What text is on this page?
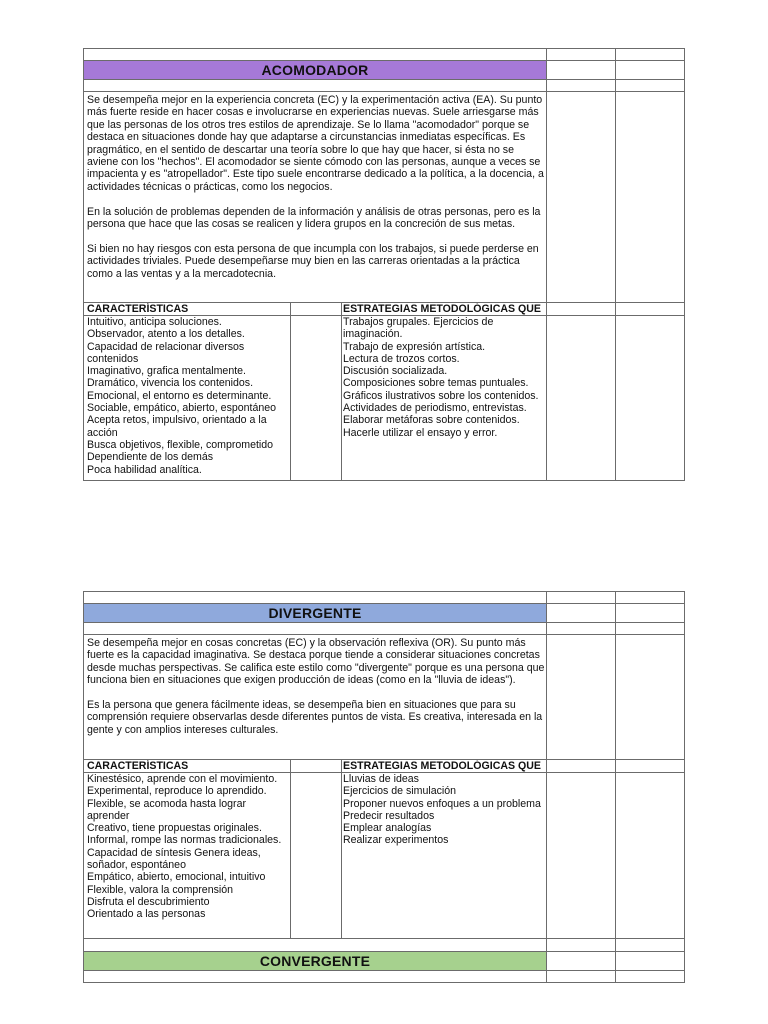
ACOMODADOR

Se desempeña mejor en la experiencia concreta (EC) y la experimentación activa (EA). Su punto más fuerte reside en hacer cosas e involucrarse en experiencias nuevas. Suele arriesgarse más que las personas de los otros tres estilos de aprendizaje. Se lo llama "acomodador" porque se destaca en situaciones donde hay que adaptarse a circunstancias inmediatas específicas. Es pragmático, en el sentido de descartar una teoría sobre lo que hay que hacer, si ésta no se aviene con los "hechos". El acomodador se siente cómodo con las personas, aunque a veces se impacienta y es "atropellador". Este tipo suele encontrarse dedicado a la política, a la docencia, a actividades técnicas o prácticas, como los negocios.

En la solución de problemas dependen de la información y análisis de otras personas, pero es la persona que hace que las cosas se realicen y lidera grupos en la concreción de sus metas.

Si bien no hay riesgos con esta persona de que incumpla con los trabajos, si puede perderse en actividades triviales. Puede desempeñarse muy bien en las carreras orientadas a la práctica como a las ventas y a la mercadotecnia.

CARACTERÍSTICAS	ESTRATEGIAS METODOLÓGICAS QUE
Intuitivo, anticipa soluciones.
Observador, atento a los detalles.
Capacidad de relacionar diversos contenidos
Imaginativo, grafica mentalmente.
Dramático, vivencia los contenidos.
Emocional, el entorno es determinante.
Sociable, empático, abierto, espontáneo
Acepta retos, impulsivo, orientado a la acción
Busca objetivos, flexible, comprometido
Dependiente de los demás
Poca habilidad analítica.
Trabajos grupales. Ejercicios de imaginación.
Trabajo de expresión artística.
Lectura de trozos cortos.
Discusión socializada.
Composiciones sobre temas puntuales.
Gráficos ilustrativos sobre los contenidos.
Actividades de periodismo, entrevistas.
Elaborar metáforas sobre contenidos.
Hacerle utilizar el ensayo y error.
DIVERGENTE

Se desempeña mejor en cosas concretas (EC) y la observación reflexiva (OR). Su punto más fuerte es la capacidad imaginativa. Se destaca porque tiende a considerar situaciones concretas desde muchas perspectivas. Se califica este estilo como "divergente" porque es una persona que funciona bien en situaciones que exigen producción de ideas (como en la "lluvia de ideas").

Es la persona que genera fácilmente ideas, se desempeña bien en situaciones que para su comprensión requiere observarlas desde diferentes puntos de vista. Es creativa, interesada en la gente y con amplios intereses culturales.

CARACTERÍSTICAS	ESTRATEGIAS METODOLÓGICAS QUE
Kinestésico, aprende con el movimiento.
Experimental, reproduce lo aprendido.
Flexible, se acomoda hasta lograr aprender
Creativo, tiene propuestas originales.
Informal, rompe las normas tradicionales.
Capacidad de síntesis Genera ideas, soñador, espontáneo
Empático, abierto, emocional, intuitivo
Flexible, valora la comprensión
Disfruta el descubrimiento
Orientado a las personas
Lluvias de ideas
Ejercicios de simulación
Proponer nuevos enfoques a un problema
Predecir resultados
Emplear analogías
Realizar experimentos
CONVERGENTE
